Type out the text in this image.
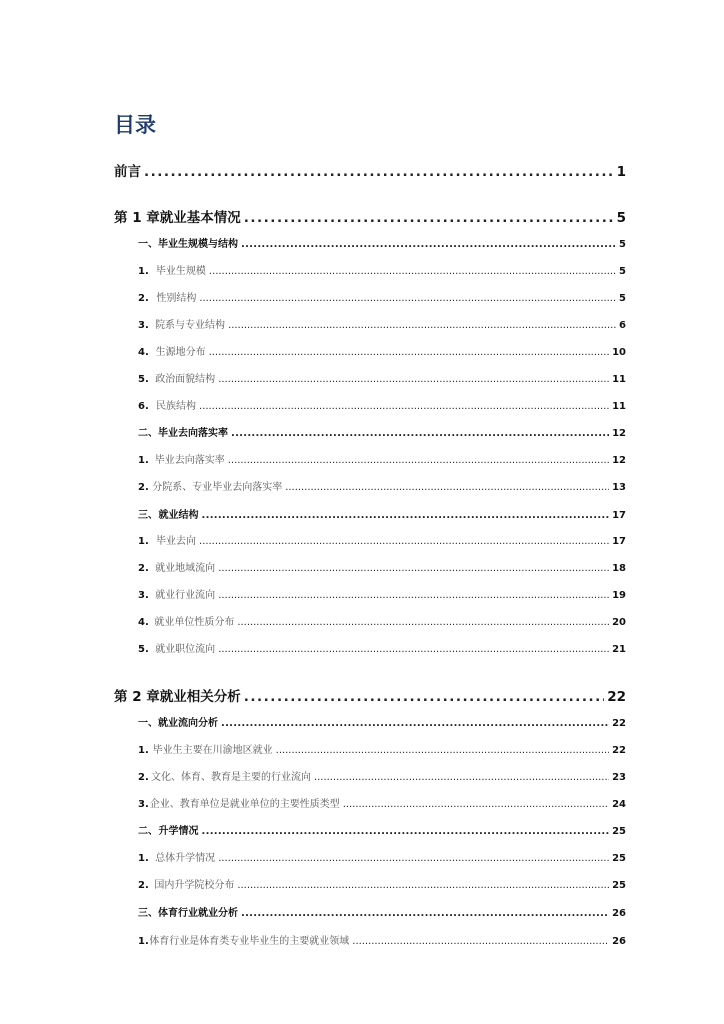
目录
前言 . . .	1
第 1 章 就业基本情况 . . .	5
一、 毕业生规模与结构 . . .	5
1. 毕业生规模 . . .	5
2. 性别结构 . . .	5
3. 院系与专业结构 . . .	6
4. 生源地分布 . . .	10
5. 政治面貌结构 . . .	11
6. 民族结构 . . .	11
二、 毕业去向落实率 . . .	12
1. 毕业去向落实率 . . .	12
2. 分院系、专业毕业去向落实率 . . .	13
三、 就业结构 . . .	17
1. 毕业去向 . . .	17
2. 就业地域流向 . . .	18
3. 就业行业流向 . . .	19
4. 就业单位性质分布 . . .	20
5. 就业职位流向 . . .	21
第 2 章 就业相关分析 . . .	22
一、 就业流向分析 . . .	22
1. 毕业生主要在川渝地区就业 . . .	22
2. 文化、体育、教育是主要的行业流向 . . .	23
3. 企业、教育单位是就业单位的主要性质类型 . . .	24
二、 升学情况 . . .	25
1. 总体升学情况 . . .	25
2. 国内升学院校分布 . . .	25
三、 体育行业就业分析 . . .	26
1. 体育行业是体育类专业毕业生的主要就业领域 . . .	26
